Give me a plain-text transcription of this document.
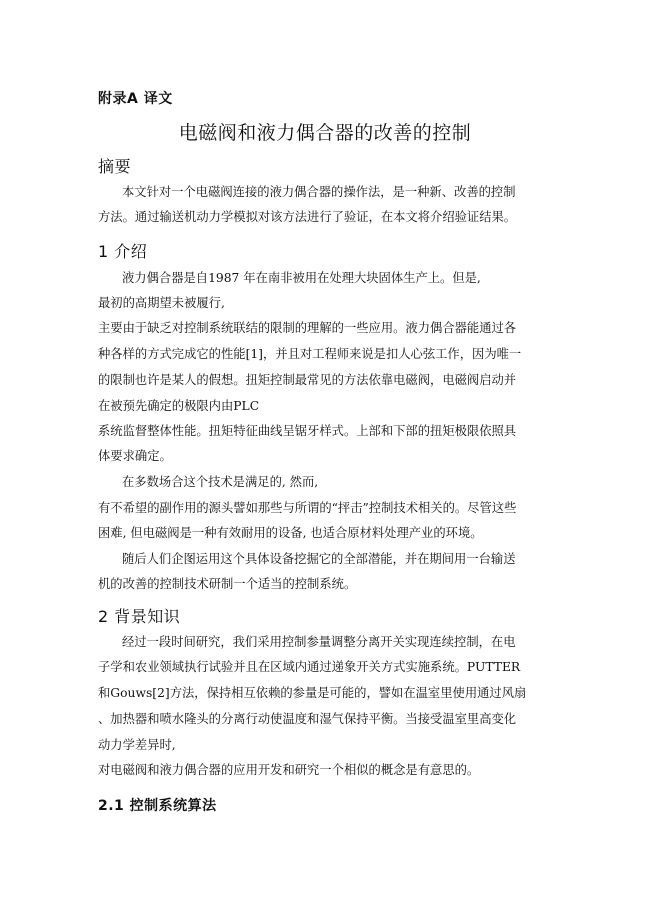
附录A 译文
电磁阀和液力偶合器的改善的控制
摘要
本文针对一个电磁阀连接的液力偶合器的操作法，是一种新、改善的控制
方法。通过输送机动力学模拟对该方法进行了验证，在本文将介绍验证结果。
1 介绍
液力偶合器是自1987 年在南非被用在处理大块固体生产上。但是,
最初的高期望未被履行,
主要由于缺乏对控制系统联结的限制的理解的一些应用。液力偶合器能通过各
种各样的方式完成它的性能[1]，并且对工程师来说是扣人心弦工作，因为唯一
的限制也许是某人的假想。扭矩控制最常见的方法依靠电磁阀，电磁阀启动并
在被预先确定的极限内由PLC
系统监督整体性能。扭矩特征曲线呈锯牙样式。上部和下部的扭矩极限依照具
体要求确定。
在多数场合这个技术是满足的, 然而,
有不希望的副作用的源头譬如那些与所谓的“抨击”控制技术相关的。尽管这些
困难, 但电磁阀是一种有效耐用的设备, 也适合原材料处理产业的环境。
随后人们企图运用这个具体设备挖掘它的全部潜能，并在期间用一台输送
机的改善的控制技术研制一个适当的控制系统。
2 背景知识
经过一段时间研究，我们采用控制参量调整分离开关实现连续控制，在电
子学和农业领域执行试验并且在区域内通过递象开关方式实施系统。PUTTER
和Gouws[2]方法，保持相互依赖的参量是可能的，譬如在温室里使用通过风扇
、加热器和喷水隆头的分离行动使温度和湿气保持平衡。当接受温室里高变化
动力学差异时,
对电磁阀和液力偶合器的应用开发和研究一个相似的概念是有意思的。
2.1 控制系统算法
